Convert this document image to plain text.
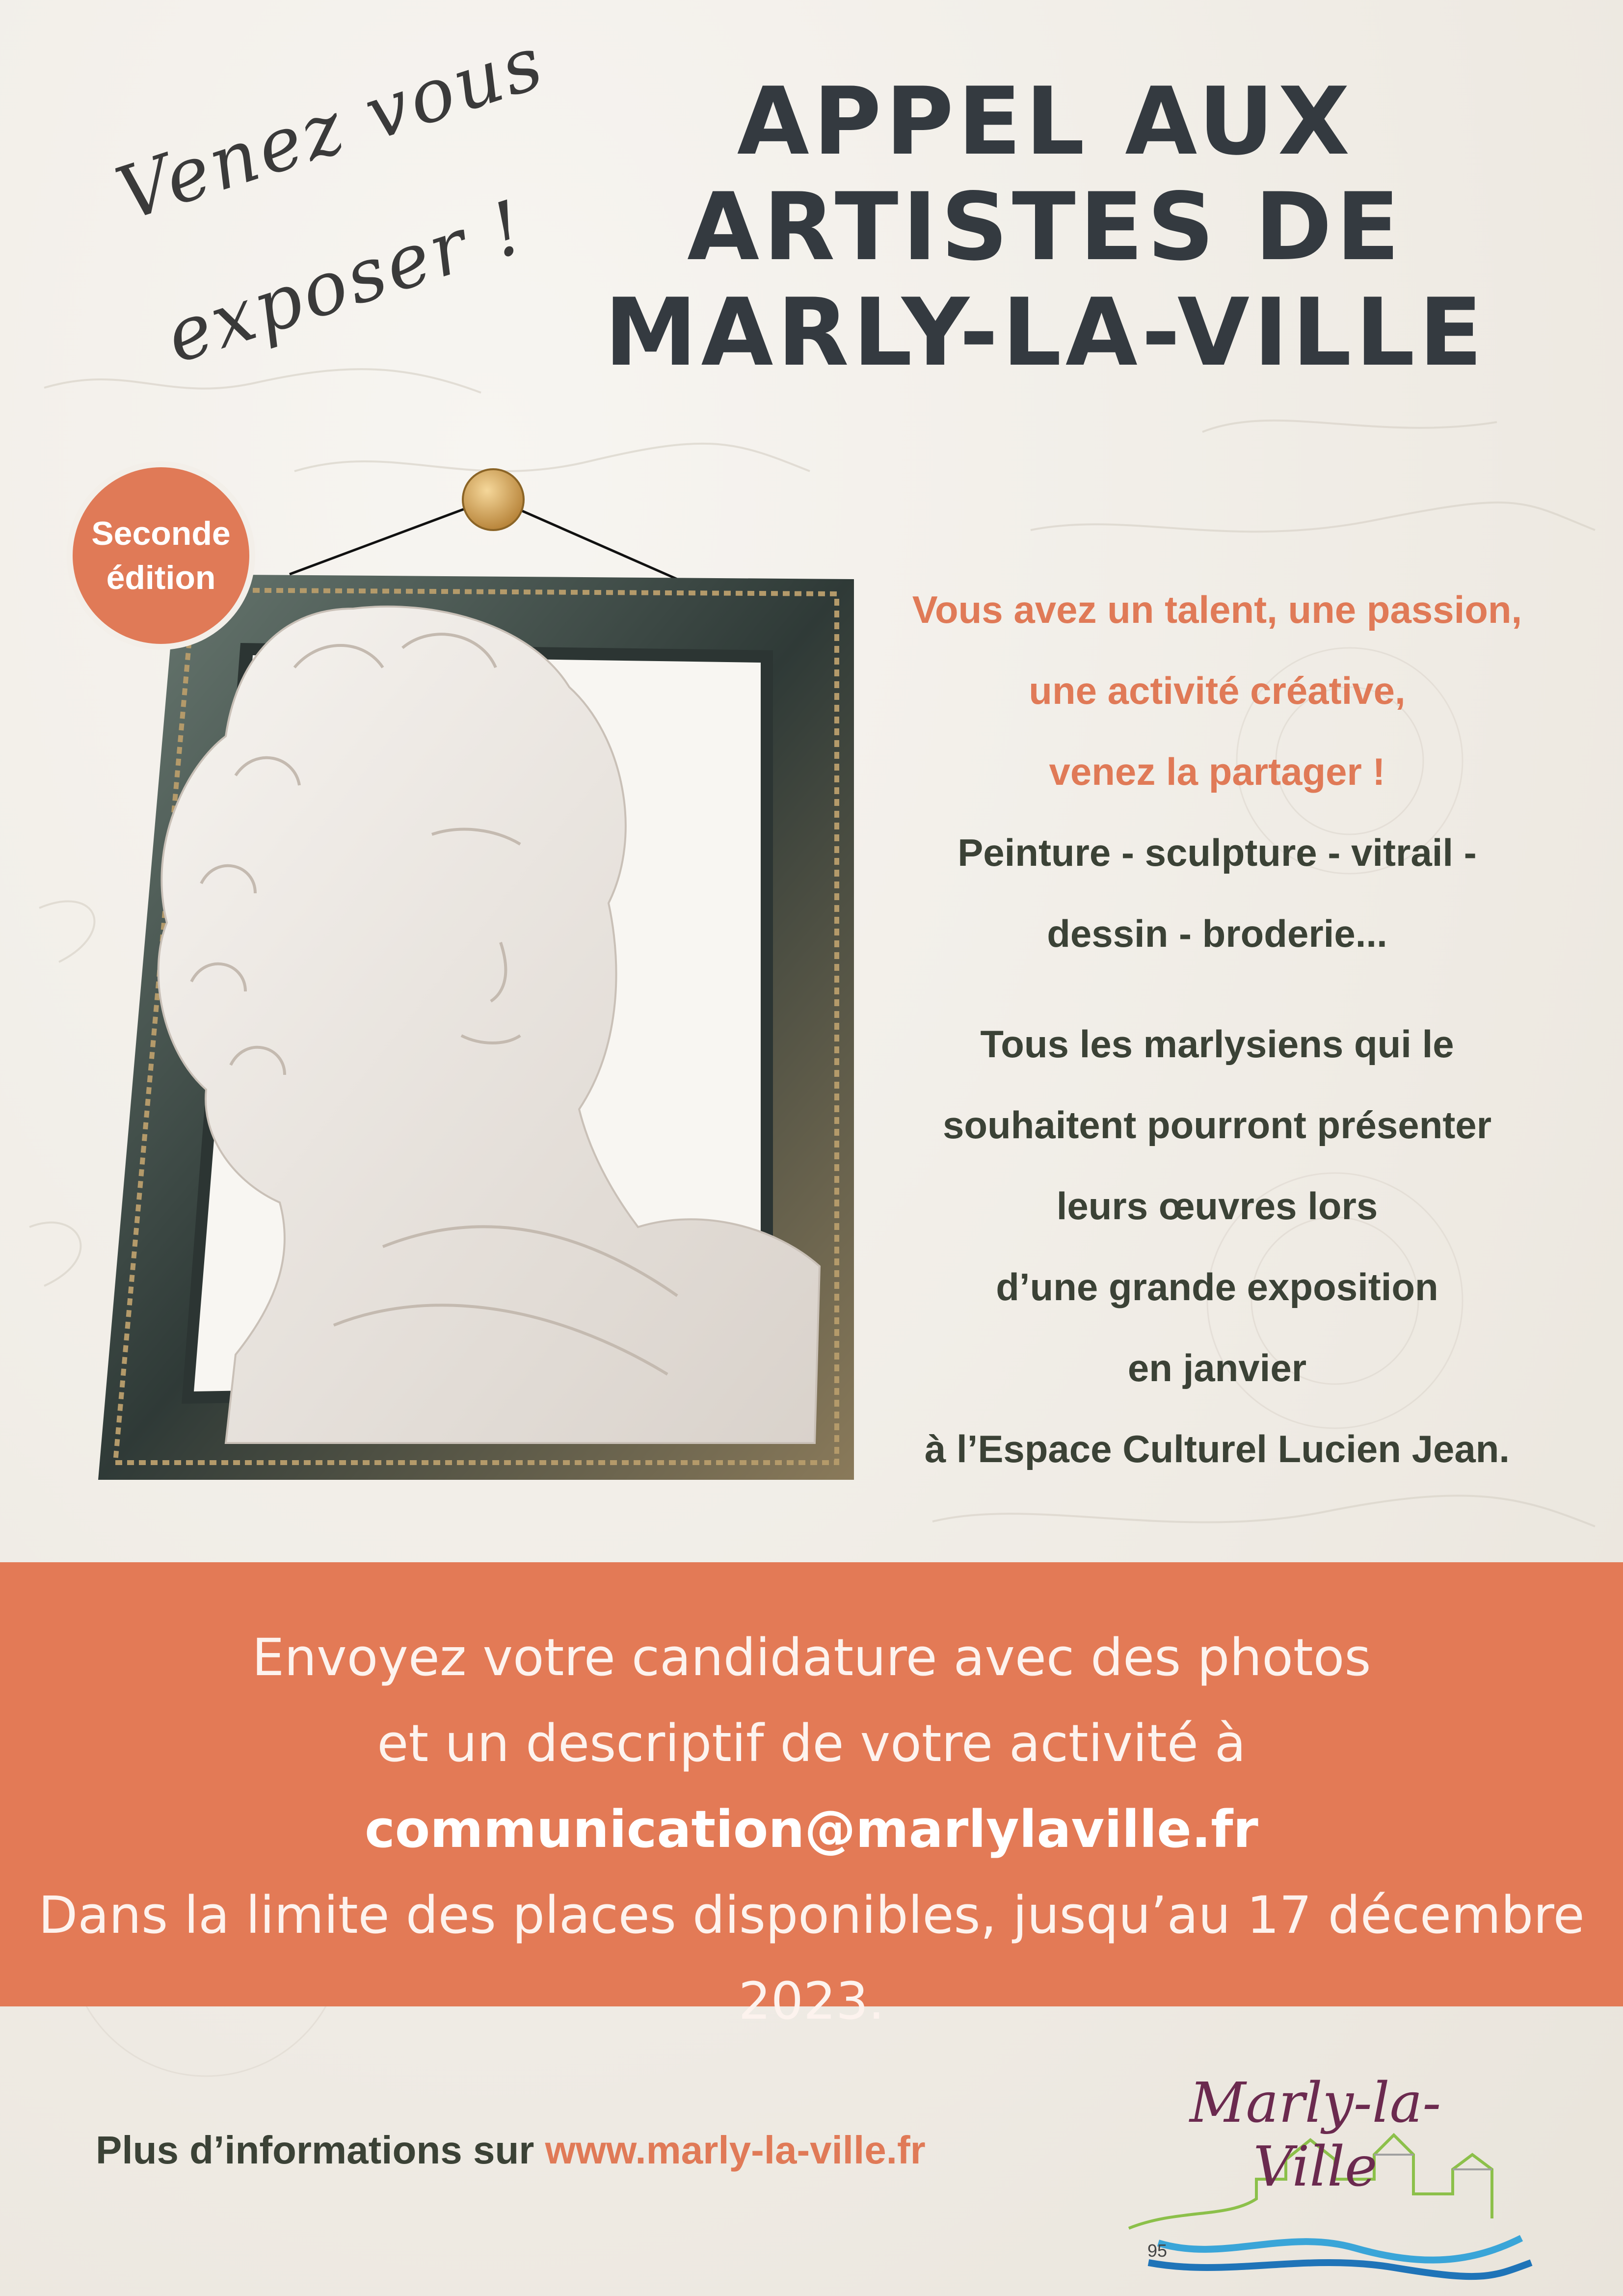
Venez vous
exposer !
APPEL AUX
ARTISTES DE
MARLY-LA-VILLE
Seconde
édition
Vous avez un talent, une passion,
une activité créative,
venez la partager !
Peinture - sculpture - vitrail -
dessin - broderie...
Tous les marlysiens qui le
souhaitent pourront présenter
leurs œuvres lors
d’une grande exposition
en janvier
à l’Espace Culturel Lucien Jean.
Envoyez votre candidature avec des photos
et un descriptif de votre activité à
communication@marlylaville.fr
Dans la limite des places disponibles, jusqu’au 17 décembre 2023.
Plus d’informations sur www.marly-la-ville.fr
Marly-la-Ville
95
